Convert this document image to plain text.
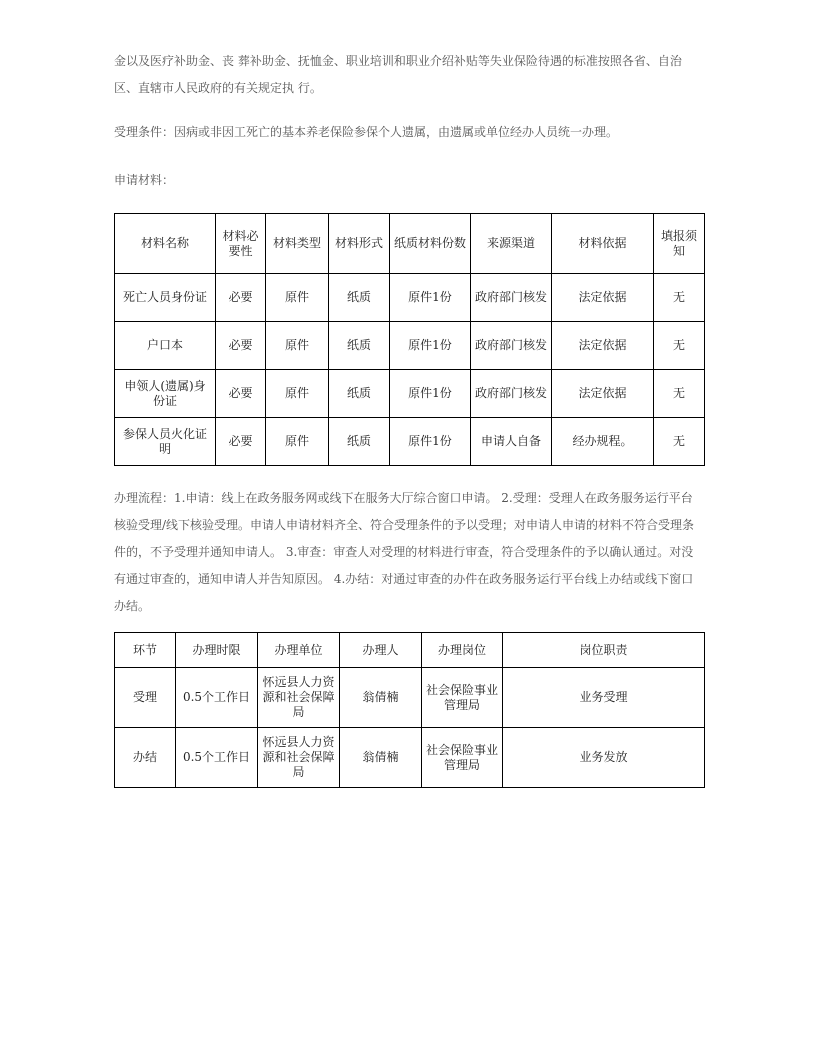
金以及医疗补助金、丧 葬补助金、抚恤金、职业培训和职业介绍补贴等失业保险待遇的标准按照各省、自治区、直辖市人民政府的有关规定执 行。
受理条件：因病或非因工死亡的基本养老保险参保个人遗属，由遗属或单位经办人员统一办理。
申请材料：
材料名称	材料必要性	材料类型	材料形式	纸质材料份数	来源渠道	材料依据	填报须知
死亡人员身份证	必要	原件	纸质	原件1份	政府部门核发	法定依据	无
户口本	必要	原件	纸质	原件1份	政府部门核发	法定依据	无
申领人(遗属)身份证	必要	原件	纸质	原件1份	政府部门核发	法定依据	无
参保人员火化证明	必要	原件	纸质	原件1份	申请人自备	经办规程。	无
办理流程：1.申请：线上在政务服务网或线下在服务大厅综合窗口申请。 2.受理：受理人在政务服务运行平台核验受理/线下核验受理。申请人申请材料齐全、符合受理条件的予以受理；对申请人申请的材料不符合受理条件的，不予受理并通知申请人。 3.审查：审查人对受理的材料进行审查，符合受理条件的予以确认通过。对没有通过审查的，通知申请人并告知原因。 4.办结：对通过审查的办件在政务服务运行平台线上办结或线下窗口办结。
环节	办理时限	办理单位	办理人	办理岗位	岗位职责
受理	0.5个工作日	怀远县人力资源和社会保障局	翁倩楠	社会保险事业管理局	业务受理
办结	0.5个工作日	怀远县人力资源和社会保障局	翁倩楠	社会保险事业管理局	业务发放
